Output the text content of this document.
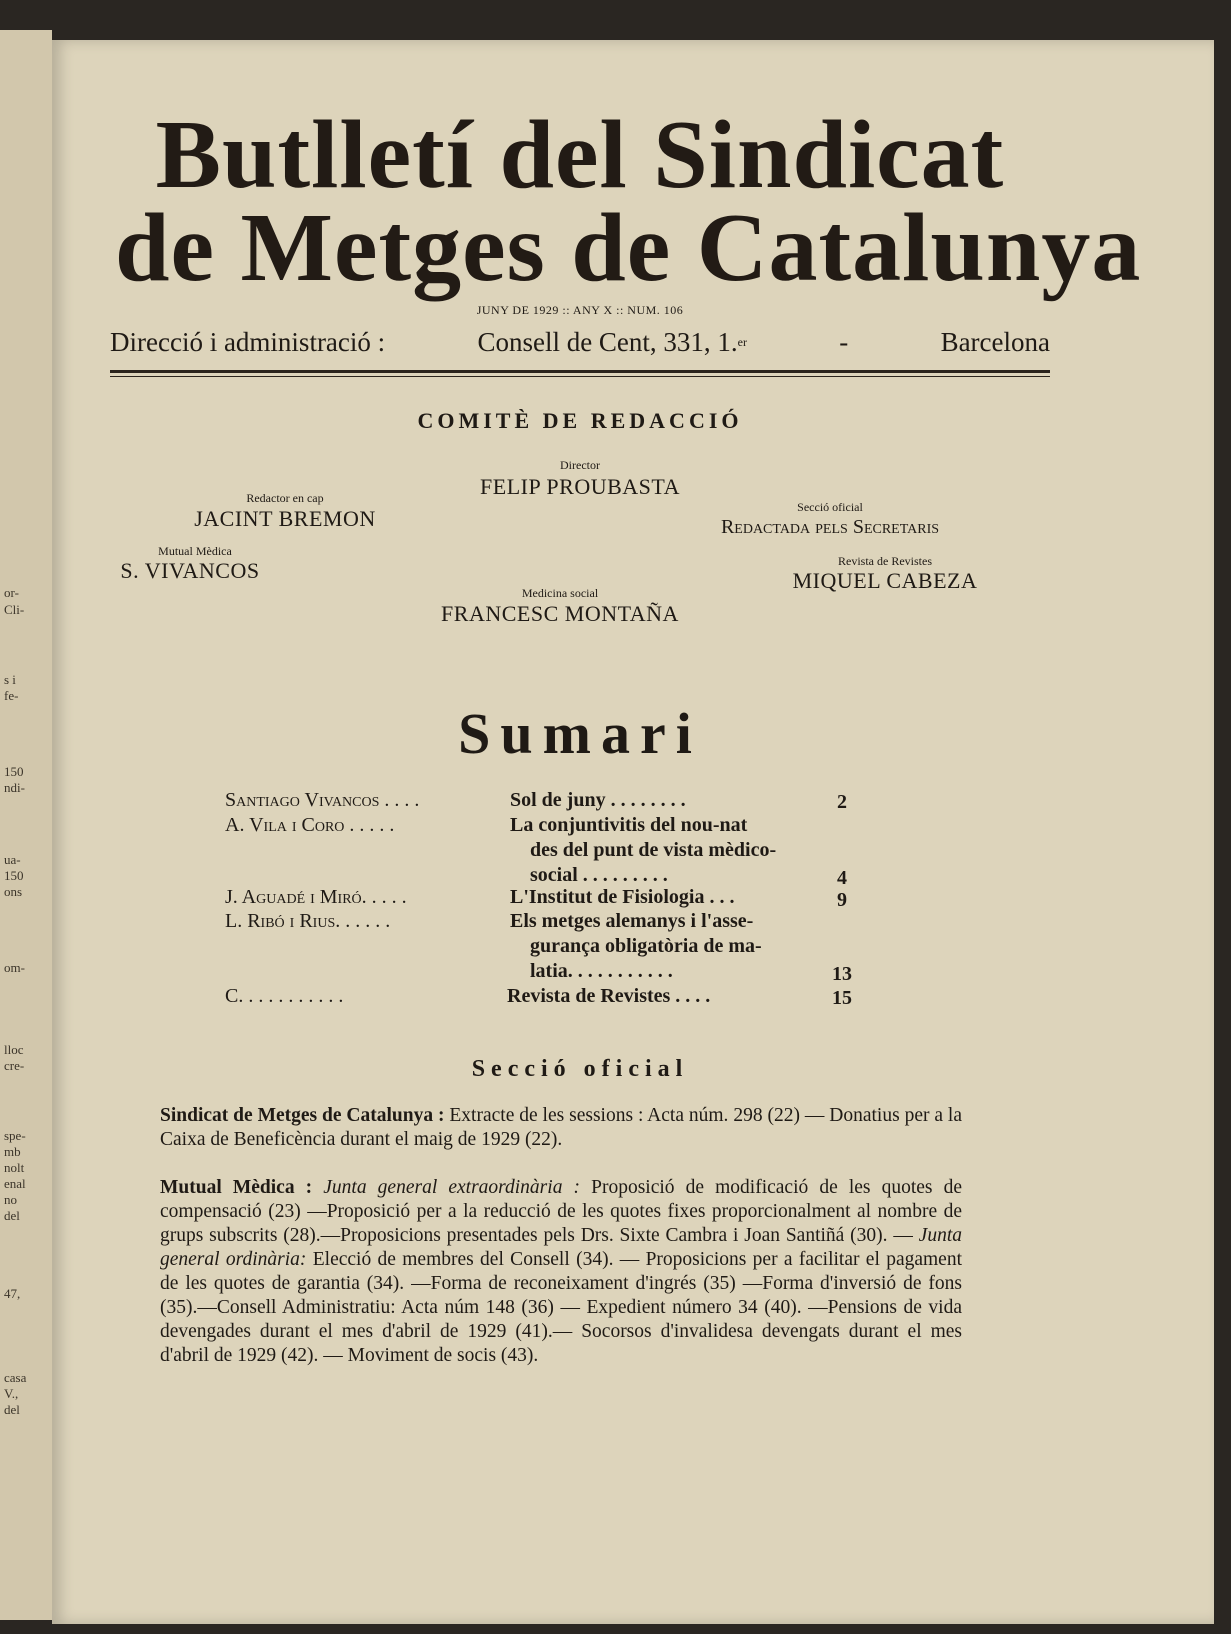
or-
Cli-
s i
fe-
150
ndi-
ua-
150
ons
om-
lloc
cre-
spe-
mb
nolt
enal
no
del
47,
casa
V.,
del
Butlletí del Sindicat
de Metges de Catalunya
JUNY DE 1929 :: ANY X :: NUM. 106
Direcció i administració :	Consell de Cent, 331, 1.$^{er}$	-	Barcelona
COMITÈ DE REDACCIÓ
Director
FELIP PROUBASTA
Redactor en cap
JACINT BREMON	Secció oficial
Redactada pels Secretaris
Mutual Mèdica
S. VIVANCOS	Revista de Revistes
MIQUEL CABEZA
Medicina social
FRANCESC MONTAÑA
Sumari
Santiago Vivancos . . . .	Sol de juny . . . . . . . .	2
A. Vila i Coro . . . . .	La conjuntivitis del nou-nat
des del punt de vista mèdico-
social . . . . . . . . .	4
J. Aguadé i Miró. . . . .	L'Institut de Fisiologia . . .	9
L. Ribó i Rius. . . . . .	Els metges alemanys i l'asse-
gurança obligatòria de ma-
latia. . . . . . . . . . .	13
C. . . . . . . . . . .	Revista de Revistes . . . .	15
Secció oficial
Sindicat de Metges de Catalunya : Extracte de les sessions : Acta núm. 298 (22) — Donatius per a la Caixa de Beneficència durant el maig de 1929 (22).
Mutual Mèdica : Junta general extraordinària : Proposició de modificació de les quotes de compensació (23) —Proposició per a la reducció de les quotes fixes proporcionalment al nombre de grups subscrits (28).—Proposicions presentades pels Drs. Sixte Cambra i Joan Santiñá (30). — Junta general ordinària: Elecció de membres del Consell (34). — Proposicions per a facilitar el pagament de les quotes de garantia (34). —Forma de reconeixament d'ingrés (35) —Forma d'inversió de fons (35).—Consell Administratiu: Acta núm 148 (36) — Expedient número 34 (40). —Pensions de vida devengades durant el mes d'abril de 1929 (41).— Socorsos d'invalidesa devengats durant el mes d'abril de 1929 (42). — Moviment de socis (43).
